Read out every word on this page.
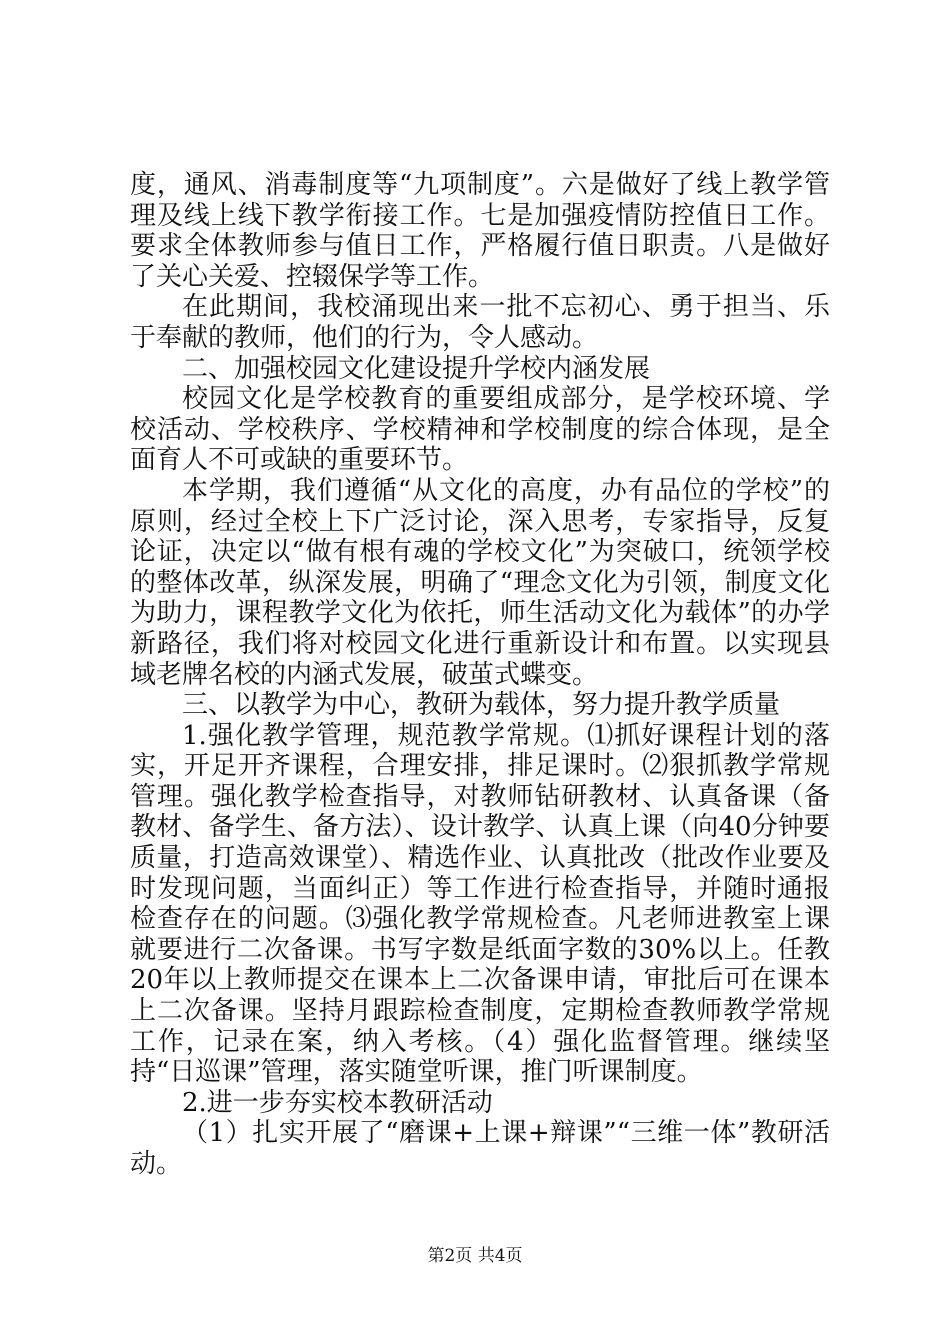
度，通风、消毒制度等“九项制度”。六是做好了线上教学管理及线上线下教学衔接工作。七是加强疫情防控值日工作。要求全体教师参与值日工作，严格履行值日职责。八是做好了关心关爱、控辍保学等工作。

在此期间，我校涌现出来一批不忘初心、勇于担当、乐于奉献的教师，他们的行为，令人感动。

二、加强校园文化建设提升学校内涵发展

校园文化是学校教育的重要组成部分，是学校环境、学校活动、学校秩序、学校精神和学校制度的综合体现，是全面育人不可或缺的重要环节。

本学期，我们遵循“从文化的高度，办有品位的学校”的原则，经过全校上下广泛讨论，深入思考，专家指导，反复论证，决定以“做有根有魂的学校文化”为突破口，统领学校的整体改革，纵深发展，明确了“理念文化为引领，制度文化为助力，课程教学文化为依托，师生活动文化为载体”的办学新路径，我们将对校园文化进行重新设计和布置。以实现县域老牌名校的内涵式发展，破茧式蝶变。

三、以教学为中心，教研为载体，努力提升教学质量

1.强化教学管理，规范教学常规。⑴抓好课程计划的落实，开足开齐课程，合理安排，排足课时。⑵狠抓教学常规管理。强化教学检查指导，对教师钻研教材、认真备课（备教材、备学生、备方法）、设计教学、认真上课（向40分钟要质量，打造高效课堂）、精选作业、认真批改（批改作业要及时发现问题，当面纠正）等工作进行检查指导，并随时通报检查存在的问题。⑶强化教学常规检查。凡老师进教室上课就要进行二次备课。书写字数是纸面字数的30%以上。任教20年以上教师提交在课本上二次备课申请，审批后可在课本上二次备课。坚持月跟踪检查制度，定期检查教师教学常规工作，记录在案，纳入考核。（4）强化监督管理。继续坚持“日巡课”管理，落实随堂听课，推门听课制度。

2.进一步夯实校本教研活动

（1）扎实开展了“磨课+上课+辩课”“三维一体”教研活动。

第2页 共4页
